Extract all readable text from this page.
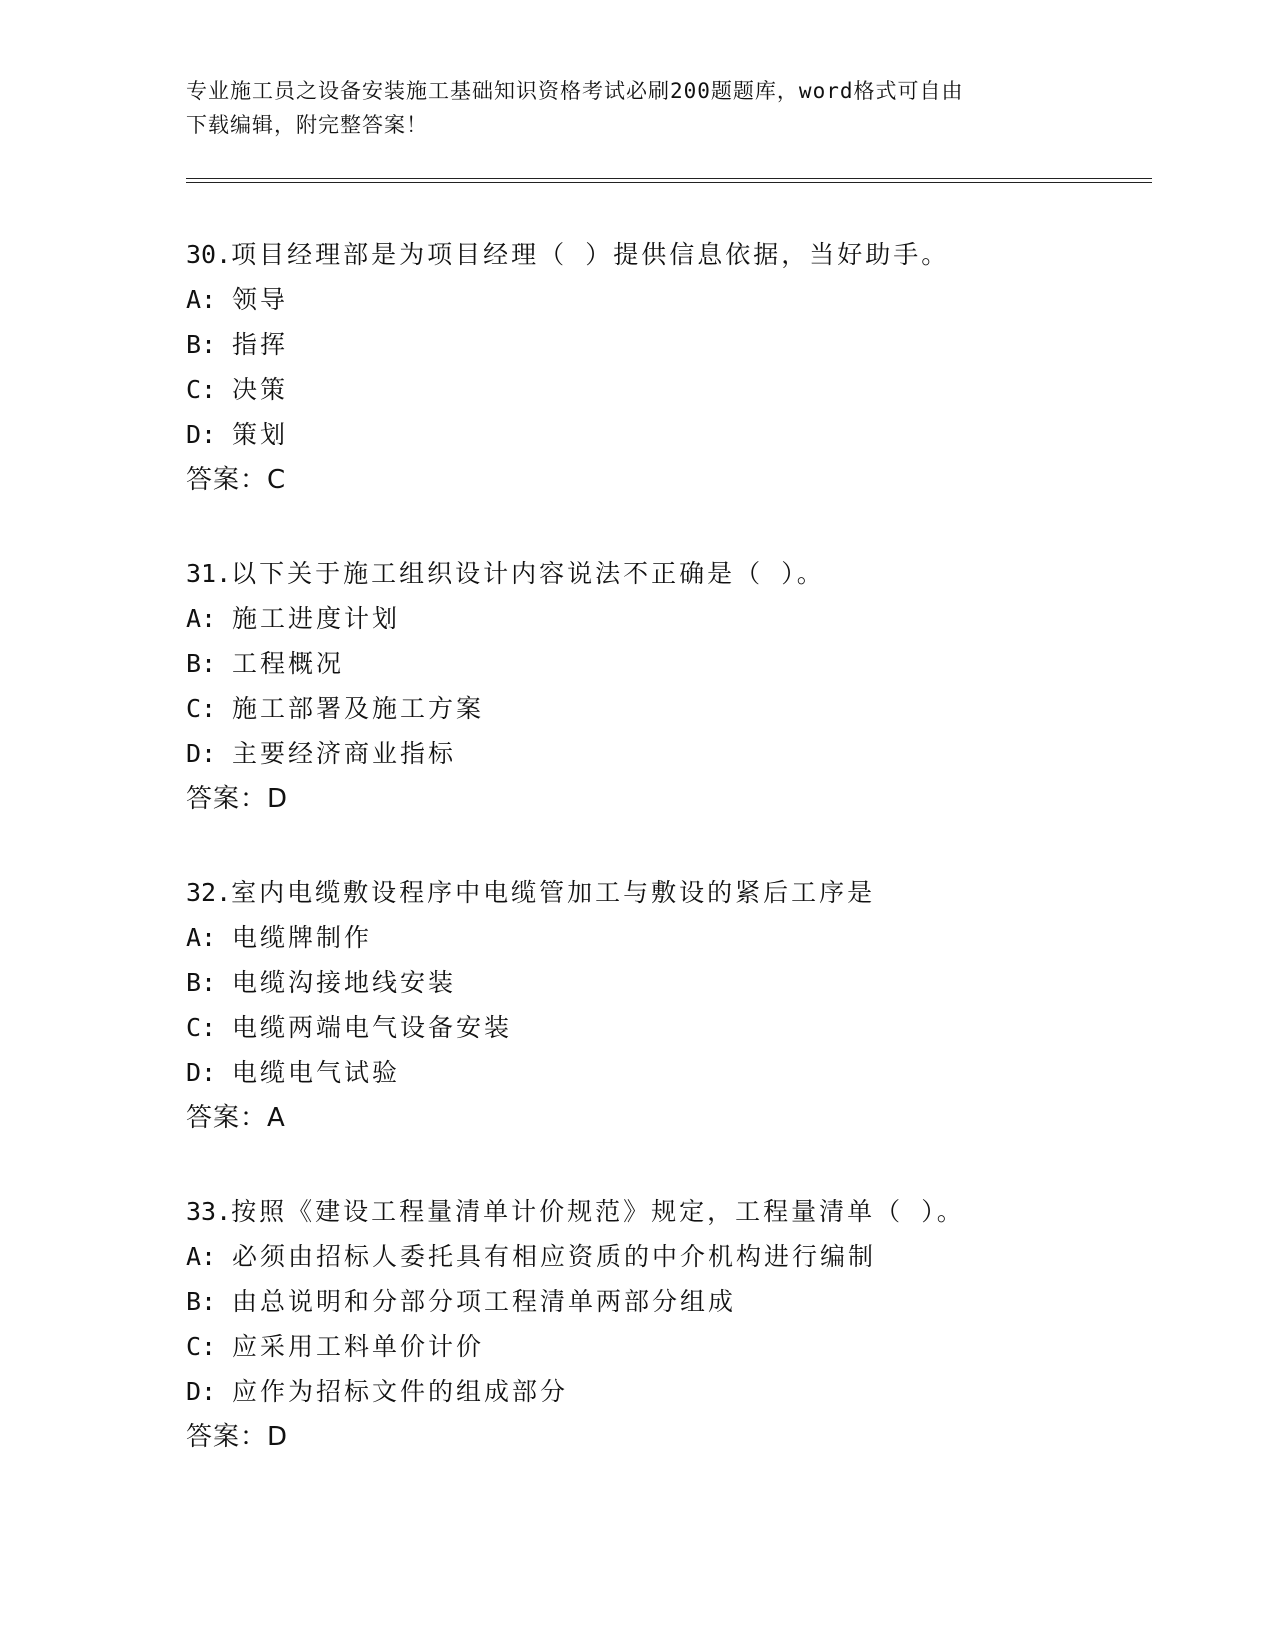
专业施工员之设备安装施工基础知识资格考试必刷200题题库，word格式可自由
下载编辑，附完整答案！
30.项目经理部是为项目经理（ ）提供信息依据，当好助手。
A: 领导
B: 指挥
C: 决策
D: 策划
答案：C
31.以下关于施工组织设计内容说法不正确是（ ）。
A: 施工进度计划
B: 工程概况
C: 施工部署及施工方案
D: 主要经济商业指标
答案：D
32.室内电缆敷设程序中电缆管加工与敷设的紧后工序是
A: 电缆牌制作
B: 电缆沟接地线安装
C: 电缆两端电气设备安装
D: 电缆电气试验
答案：A
33.按照《建设工程量清单计价规范》规定，工程量清单（ ）。
A: 必须由招标人委托具有相应资质的中介机构进行编制
B: 由总说明和分部分项工程清单两部分组成
C: 应采用工料单价计价
D: 应作为招标文件的组成部分
答案：D
